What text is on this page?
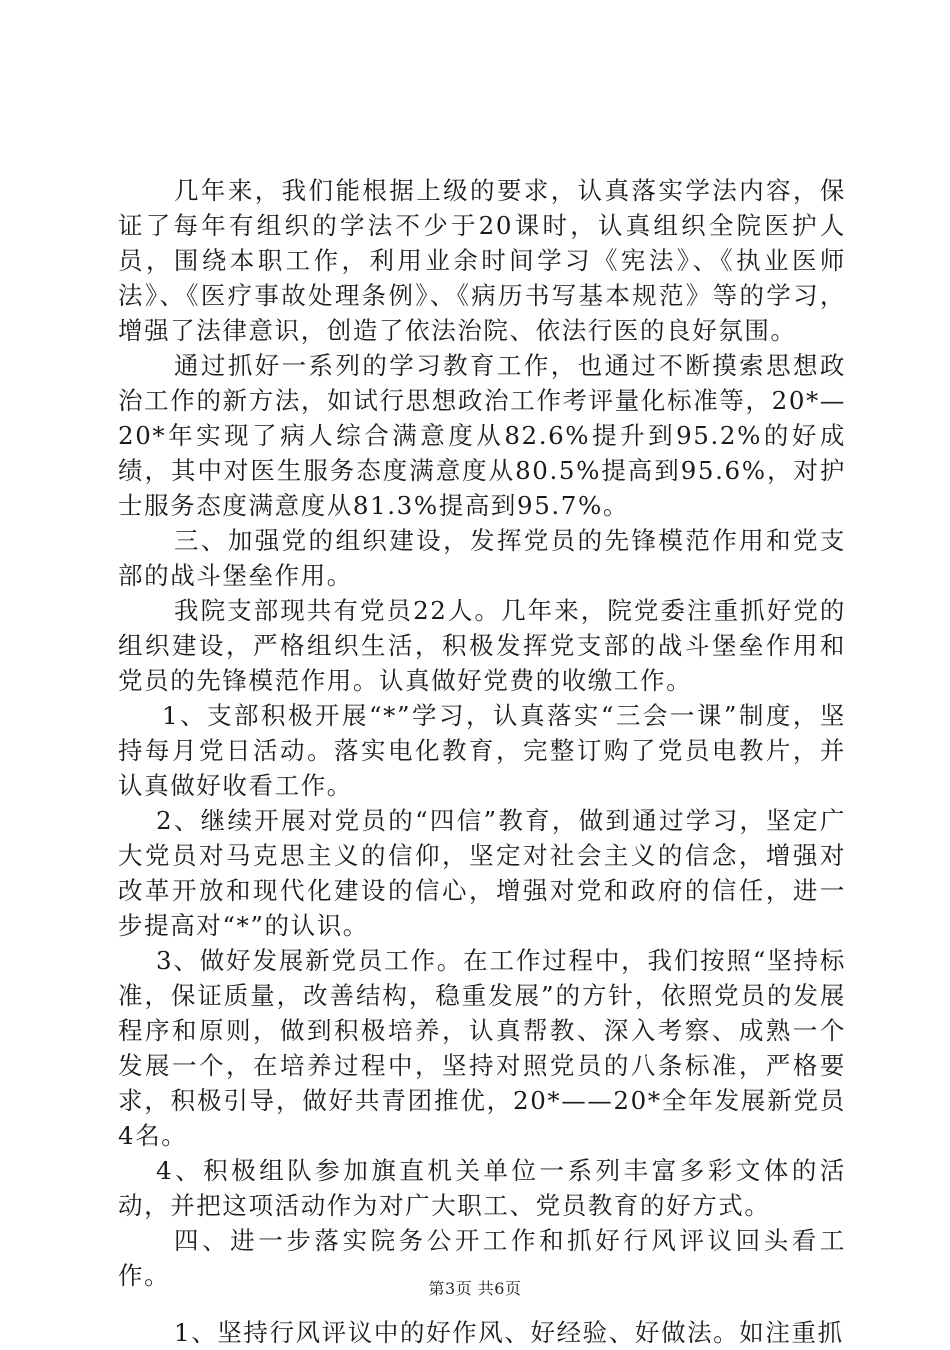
几年来，我们能根据上级的要求，认真落实学法内容，保证了每年有组织的学法不少于20课时，认真组织全院医护人员，围绕本职工作，利用业余时间学习《宪法》、《执业医师法》、《医疗事故处理条例》、《病历书写基本规范》等的学习，增强了法律意识，创造了依法治院、依法行医的良好氛围。

通过抓好一系列的学习教育工作，也通过不断摸索思想政治工作的新方法，如试行思想政治工作考评量化标准等，20*—20*年实现了病人综合满意度从82.6%提升到95.2%的好成绩，其中对医生服务态度满意度从80.5%提高到95.6%，对护士服务态度满意度从81.3%提高到95.7%。

三、加强党的组织建设，发挥党员的先锋模范作用和党支部的战斗堡垒作用。

我院支部现共有党员22人。几年来，院党委注重抓好党的组织建设，严格组织生活，积极发挥党支部的战斗堡垒作用和党员的先锋模范作用。认真做好党费的收缴工作。

1、支部积极开展“*”学习，认真落实“三会一课”制度，坚持每月党日活动。落实电化教育，完整订购了党员电教片，并认真做好收看工作。

2、继续开展对党员的“四信”教育，做到通过学习，坚定广大党员对马克思主义的信仰，坚定对社会主义的信念，增强对改革开放和现代化建设的信心，增强对党和政府的信任，进一步提高对“*”的认识。

3、做好发展新党员工作。在工作过程中，我们按照“坚持标准，保证质量，改善结构，稳重发展”的方针，依照党员的发展程序和原则，做到积极培养，认真帮教、深入考察、成熟一个发展一个，在培养过程中，坚持对照党员的八条标准，严格要求，积极引导，做好共青团推优，20*——20*全年发展新党员4名。

4、积极组队参加旗直机关单位一系列丰富多彩文体的活动，并把这项活动作为对广大职工、党员教育的好方式。

四、进一步落实院务公开工作和抓好行风评议回头看工作。

1、坚持行风评议中的好作风、好经验、好做法。如注重抓

第3页 共6页
